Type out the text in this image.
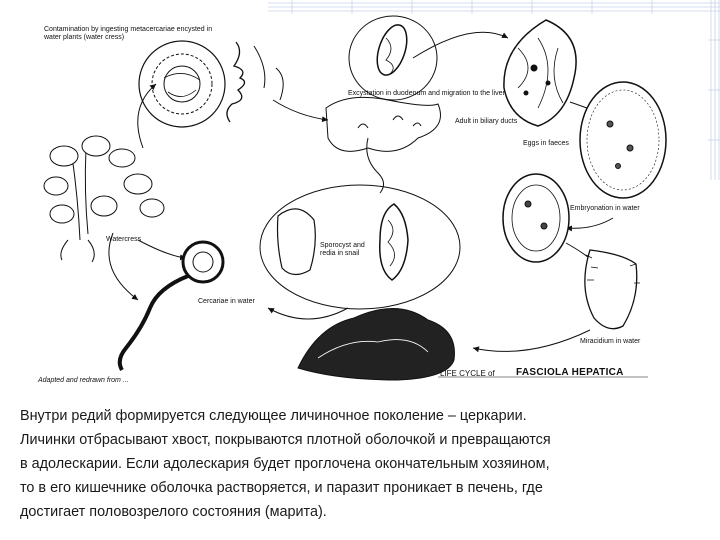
Contamination by ingesting metacercariae encysted in water plants (water cress)
Excystation in duodenum and migration to the liver
Adult in biliary ducts
Eggs in faeces
Embryonation in water
Miracidium in water
Sporocyst and redia in snail
Cercariae in water
Watercress
Adapted and redrawn from ...
LIFE CYCLE of FASCIOLA HEPATICA

Внутри редий формируется следующее личиночное поколение – церкарии.

Личинки отбрасывают хвост, покрываются плотной оболочкой и превращаются

в адолескарии. Если адолескария будет проглочена окончательным хозяином,

то в его кишечнике оболочка растворяется, и паразит проникает в печень, где

достигает половозрелого состояния (марита).
